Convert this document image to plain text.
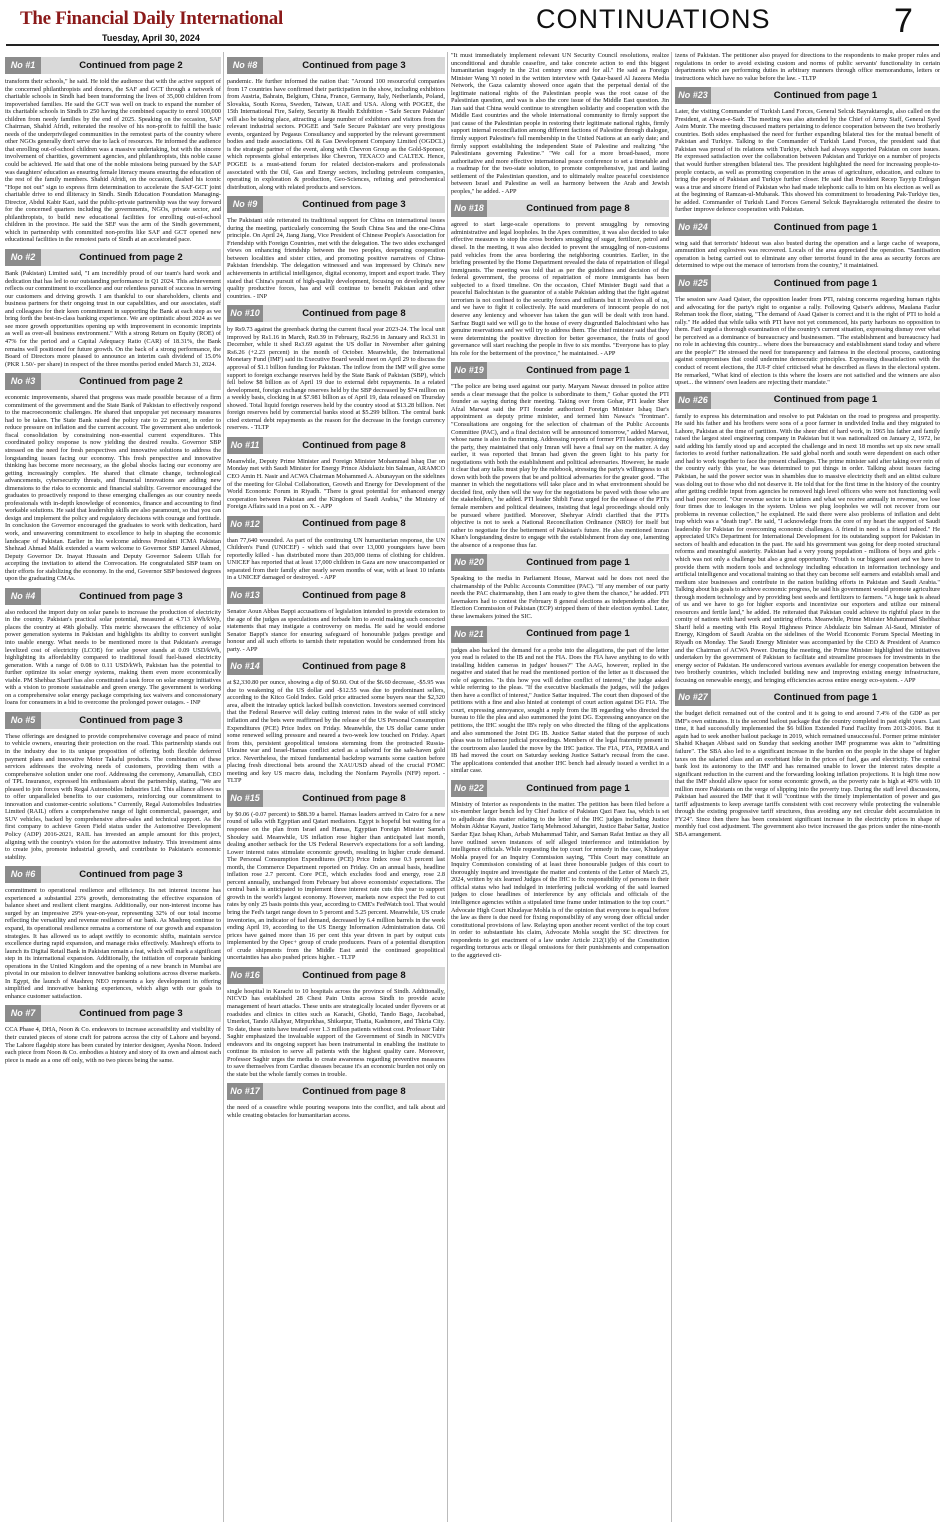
The Financial Daily International
Tuesday, April 30, 2024
CONTINUATIONS	7
No #1	Continued from page 2

transform their schools," he said. He told the audience that with the active support of the concerned philanthropists and donors, the SAF and GCT through a network of charitable schools in Sindh had been transforming the lives of 35,000 children from impoverished families. He said the GCT was well on track to expand the number of its charitable schools in Sindh to 250 having the combined capacity to enrol 100,000 children from needy families by the end of 2025. Speaking on the occasion, SAF Chairman, Shahid Afridi, reiterated the resolve of his non-profit to fulfill the basic needs of the underprivileged communities in the remotest parts of the country where other NGOs generally don't serve due to lack of resources. He informed the audience that enrolling out-of-school children was a massive undertaking, but with the sincere involvement of charities, government agencies, and philanthropists, this noble cause could be achieved. He said that one of the noble missions being pursued by the SAF was daughters' education as ensuring female literacy means ensuring the education of the rest of the family members. Shahid Afridi, on the occasion, flashed his iconic "Hope not out" sign to express firm determination to accelerate the SAF-GCT joint charitable drive to end illiteracy in Sindh. Sindh Education Foundation Managing-Director, Abdul Kabir Kazi, said the public-private partnership was the way forward for the concerned quarters including the governments, NGOs, private sector, and philanthropists, to build new educational facilities for enrolling out-of-school children in the province. He said the SEF was the arm of the Sindh government, which in partnership with committed non-profits like SAF and GCT opened new educational facilities in the remotest parts of Sindh at an accelerated pace.

No #2	Continued from page 2

Bank (Pakistan) Limited said, "I am incredibly proud of our team's hard work and dedication that has led to our outstanding performance in Q1 2024. This achievement reflects our commitment to excellence and our relentless pursuit of success in serving our customers and driving growth. I am thankful to our shareholders, clients and business partners for their ongoing trust in our capabilities, and our associates, staff and colleagues for their keen commitment in supporting the Bank at each step as we bring forth the best-in-class banking experience. We are optimistic about 2024 as we see more growth opportunities opening up with improvement in economic imprints as well as over-all business environment." With a strong Return on Equity (ROE) of 47% for the period and a Capital Adequacy Ratio (CAR) of 18.31%, the Bank remains well positioned for future growth. On the back of a strong performance, the Board of Directors more pleased to announce an interim cash dividend of 15.0% (PKR 1.50/- per share) in respect of the three months period ended March 31, 2024.

No #3	Continued from page 2

economic improvements, shared that progress was made possible because of a firm commitment of the government and the State Bank of Pakistan to effectively respond to the macroeconomic challenges. He shared that unpopular yet necessary measures had to be taken. The State Bank raised the policy rate to 22 percent, in order to reduce pressure on inflation and the current account. The government also undertook fiscal consolidation by constraining non-essential current expenditures. This coordinated policy response is now yielding the desired results. Governor SBP stressed on the need for fresh perspectives and innovative solutions to address the longstanding issues facing our economy. This fresh perspective and innovative thinking has become more necessary, as the global shocks facing our economy are getting increasingly complex. He shared that climate change, technological advancements, cybersecurity threats, and financial innovations are adding new dimensions to the risks to economic and financial stability. Governor encouraged the graduates to proactively respond to these emerging challenges as our country needs professionals with in-depth knowledge of economics, finance and accounting to find workable solutions. He said that leadership skills are also paramount, so that you can design and implement the policy and regulatory decisions with courage and fortitude. In conclusion the Governor encouraged the graduates to work with dedication, hard work, and unwavering commitment to excellence to help in shaping the economic landscape of Pakistan. Earlier in his welcome address President ICMA Pakistan Shehzad Ahmad Malik extended a warm welcome to Governor SBP Jameel Ahmed, Deputy Governor Dr. Inayat Hussain and Deputy Governor Saleem Ullah for accepting the invitation to attend the Convocation. He congratulated SBP team on their efforts for stabilizing the economy. In the end, Governor SBP bestowed degrees upon the graduating CMAs.

No #4	Continued from page 3

also reduced the import duty on solar panels to increase the production of electricity in the country. Pakistan's practical solar potential, measured at 4.713 kWh/kWp, places the country at 49th globally. This metric showcases the efficiency of solar power generation systems in Pakistan and highlights its ability to convert sunlight into usable energy. What needs to be mentioned more is that Pakistan's average levelized cost of electricity (LCOE) for solar power stands at 0.09 USD/kWh, highlighting its affordability compared to traditional fossil fuel-based electricity generation. With a range of 0.08 to 0.11 USD/kWh, Pakistan has the potential to further optimize its solar energy systems, making them even more economically viable. PM Shehbaz Sharif has also constituted a task force on solar energy initiatives with a vision to promote sustainable and green energy. The government is working on a comprehensive solar energy package comprising tax waivers and concessionary loans for consumers in a bid to overcome the prolonged power outages. - INP

No #5	Continued from page 3

These offerings are designed to provide comprehensive coverage and peace of mind to vehicle owners, ensuring their protection on the road. This partnership stands out in the industry due to its unique proposition of offering both flexible deferred payment plans and innovative Motor Takaful products. The combination of these services addresses the evolving needs of customers, providing them with a comprehensive solution under one roof. Addressing the ceremony, Amanullah, CEO of TPL Insurance, expressed his enthusiasm about the partnership, stating, "We are pleased to join forces with Regal Automobiles Industries Ltd. This alliance allows us to offer unparalleled benefits to our customers, reinforcing our commitment to innovation and customer-centric solutions." Currently, Regal Automobiles Industries Limited (RAIL) offers a comprehensive range of light commercial, passenger, and SUV vehicles, backed by comprehensive after-sales and technical support. As the first company to achieve Green Field status under the Automotive Development Policy (ADP) 2016-2021, RAIL has invested an ample amount for this project, aligning with the country's vision for the automotive industry. This investment aims to create jobs, promote industrial growth, and contribute to Pakistan's economic stability.

No #6	Continued from page 3

commitment to operational resilience and efficiency. Its net interest income has experienced a substantial 23% growth, demonstrating the effective expansion of balance sheet and resilient client margins. Additionally, our non-interest income has surged by an impressive 29% year-on-year, representing 32% of our total income reflecting the versatility and revenue resilience of our bank. As Mashreq continue to expand, its operational resilience remains a cornerstone of our growth and expansion strategies. It has allowed us to adapt swiftly to economic shifts, maintain service excellence during rapid expansion, and manage risks effectively. Mashreq's efforts to launch its Digital Retail Bank in Pakistan remain a feat, which will mark a significant step in its international expansion. Additionally, the initiation of corporate banking operations in the United Kingdom and the opening of a new branch in Mumbai are pivotal in our mission to deliver innovative banking solutions across diverse markets. In Egypt, the launch of Mashreq NEO represents a key development in offering simplified and innovative banking experiences, which align with our goals to enhance customer satisfaction.

No #7	Continued from page 3

CCA Phase 4, DHA, Noon & Co. endeavors to increase accessibility and visibility of their curated pieces of stone craft for patrons across the city of Lahore and beyond. The Lahore flagship store has been curated by interior designer, Ayesha Noon. Indeed each piece from Noon & Co. embodies a history and story of its own and almost each piece is made as a one off only, with no two pieces being the same.

No #8	Continued from page 3

pandemic. He further informed the nation that: "Around 100 resourceful companies from 17 countries have confirmed their participation in the show, including exhibitors from Austria, Bahrain, Belgium, China, France, Germany, Italy, Netherlands, Poland, Slovakia, South Korea, Sweden, Taiwan, UAE and USA. Along with POGEE, the 15th International Fire, Safety, Security & Health Exhibition - 'Safe Secure Pakistan' will also be taking place, attracting a large number of exhibitors and visitors from the relevant industrial sectors. POGEE and 'Safe Secure Pakistan' are very prestigious events, organized by Pegasus Consultancy and supported by the relevant government bodies and trade associations. Oil & Gas Development Company Limited (OGDCL) is the strategic partner of the event, along with Chevron Group as the Gold-Sponsor, which represents global enterprises like Chevron, TEXACO and CALTEX. Hence, POGEE is a must-attend forum for related decision-makers and professionals associated with the Oil, Gas and Energy sectors, including petroleum companies, operating in exploration & production, Geo-Sciences, refining and petrochemical distribution, along with related products and services.

No #9	Continued from page 3

The Pakistani side reiterated its traditional support for China on international issues during the meeting, particularly concerning the South China Sea and the one-China principle. On April 24, Jiang Jiang, Vice President of Chinese People's Association for Friendship with Foreign Countries, met with the delegation. The two sides exchanged views on enhancing friendship between the two peoples, deepening cooperation between localities and sister cities, and promoting positive narratives of China-Pakistan friendship. The delegation witnessed and was impressed by China's new achievements in artificial intelligence, digital economy, import and export trade. They stated that China's pursuit of high-quality development, focusing on developing new quality productive forces, has and will continue to benefit Pakistan and other countries. - INP

No #10	Continued from page 8

by Rs9.73 against the greenback during the current fiscal year 2023-24. The local unit improved by Rs1.16 in March, Rs0.39 in February, Rs2.56 in January and Rs3.31 in December, while it shed Rs3.69 against the US dollar in November after gaining Rs6.26 (+2.23 percent) in the month of October. Meanwhile, the International Monetary Fund (IMF) said its Executive Board would meet on April 29 to discuss the approval of $1.1 billion funding for Pakistan. The inflow from the IMF will give some support to foreign exchange reserves held by the State Bank of Pakistan (SBP), which fell below $8 billion as of April 19 due to external debt repayments. In a related development, foreign exchange reserves held by the SBP decreased by $74 million on a weekly basis, clocking in at $7.981 billion as of April 19, data released on Thursday showed. Total liquid foreign reserves held by the country stood at $13.28 billion. Net foreign reserves held by commercial banks stood at $5.299 billion. The central bank cited external debt repayments as the reason for the decrease in the foreign currency reserves. - TLTP

No #11	Continued from page 8

Meanwhile, Deputy Prime Minister and Foreign Minister Mohammad Ishaq Dar on Monday met with Saudi Minister for Energy Prince Abdulaziz bin Salman, ARAMCO CEO Amin H. Nasir and ACWA Chairman Mohammed A. Abunayyan on the sidelines of the meeting for Global Collaboration, Growth and Energy for Development of the World Economic Forum in Riyadh. "There is great potential for enhanced energy cooperation between Pakistan and the Kingdom of Saudi Arabia," the Ministry of Foreign Affairs said in a post on X. - APP

No #12	Continued from page 8

than 77,640 wounded. As part of the continuing UN humanitarian response, the UN Children's Fund (UNICEF) - which said that over 13,000 youngsters have been reportedly killed - has distributed more than 203,000 items of clothing for children. UNICEF has reported that at least 17,000 children in Gaza are now unaccompanied or separated from their family after nearly seven months of war, with at least 10 infants in a UNICEF damaged or destroyed. - APP

No #13	Continued from page 8

Senator Aoun Abbas Bappi accusations of legislation intended to provide extension to the age of the judges as speculations and forbade him to avoid making such concocted statements that may instigate a controversy on media. He said he would endorse Senator Bappi's stance for ensuring safeguard of honourable judges prestige and honour and all such efforts to tarnish their reputation would be condemned from his party. - APP

No #14	Continued from page 8

at $2,330.80 per ounce, showing a dip of $0.60. Out of the $6.60 decrease, -$5.95 was due to weakening of the US dollar and -$12.55 was due to predominant sellers, according to the Kitco Gold Index. Gold price attracted some buyers near the $2,320 area, albeit the intraday uptick lacked bullish conviction. Investors seemed convinced that the Federal Reserve will delay cutting interest rates in the wake of still sticky inflation and the bets were reaffirmed by the release of the US Personal Consumption Expenditures (PCE) Price Index on Friday. Meanwhile, the US dollar came under some renewed selling pressure and neared a two-week low touched on Friday. Apart from this, persistent geopolitical tensions stemming from the protracted Russia-Ukraine war and Israel-Hamas conflict acted as a tailwind for the safe-haven gold price. Nevertheless, the mixed fundamental backdrop warrants some caution before placing fresh directional bets around the XAU/USD ahead of the crucial FOMC meeting and key US macro data, including the Nonfarm Payrolls (NFP) report. - TLTP

No #15	Continued from page 8

by $0.06 (-0.07 percent) to $88.39 a barrel. Hamas leaders arrived in Cairo for a new round of talks with Egyptian and Qatari mediators. Egypt is hopeful but waiting for a response on the plan from Israel and Hamas, Egyptian Foreign Minister Sameh Shoukry said. Meanwhile, US inflation rose higher than anticipated last month, dealing another setback for the US Federal Reserve's expectations for a soft landing. Lower interest rates stimulate economic growth, resulting in higher crude demand. The Personal Consumption Expenditures (PCE) Price Index rose 0.3 percent last month, the Commerce Department reported on Friday. On an annual basis, headline inflation rose 2.7 percent. Core PCE, which excludes food and energy, rose 2.8 percent annually, unchanged from February but above economists' expectations. The central bank is anticipated to implement three interest rate cuts this year to support growth in the world's largest economy. However, markets now expect the Fed to cut rates by only 25 basis points this year, according to CME's FedWatch tool. That would bring the Fed's target range down to 5 percent and 5.25 percent. Meanwhile, US crude inventories, an indicator of fuel demand, decreased by 6.4 million barrels in the week ending April 19, according to the US Energy Information Administration data. Oil prices have gained more than 16 per cent this year driven in part by output cuts implemented by the Opec+ group of crude producers. Fears of a potential disruption of crude shipments from the Middle East amid the continued geopolitical uncertainties has also pushed prices higher. - TLTP

No #16	Continued from page 8

single hospital in Karachi to 10 hospitals across the province of Sindh. Additionally, NICVD has established 28 Chest Pain Units across Sindh to provide acute management of heart attacks. These units are strategically located under flyovers or at roadsides and clinics in cities such as Karachi, Ghotki, Tando Bago, Jacobabad, Umerkot, Tando Allahyar, Mirpurkhas, Shikarpur, Thatta, Kashmore, and Thkria City. To date, these units have treated over 1.3 million patients without cost. Professor Tahir Saghir emphasized the invaluable support of the Government of Sindh in NICVD's endeavors and its ongoing support has been instrumental in enabling the institute to continue its mission to serve all patients with the highest quality care. Moreover, Professor Saghir urges the media to create awareness regarding preventive measures to save themselves from Cardiac diseases because it's an economic burden not only on the state but the whole family comes in trouble.

No #17	Continued from page 8

the need of a ceasefire while pouring weapons into the conflict, and talk about aid while creating obstacles for humanitarian access.

"It must immediately implement relevant UN Security Council resolutions, realize unconditional and durable ceasefire, and take concrete action to end this biggest humanitarian tragedy in the 21st century once and for all." He said as Foreign Minister Wang Yi noted in the written interview with Qatar-based Al Jazeera Media Network, the Gaza calamity showed once again that the perpetual denial of the legitimate national rights of the Palestinian people was the root cause of the Palestinian question, and was is also the core issue of the Middle East question. Jin Jian said that China would continue to strengthen solidarity and cooperation with the Middle East countries and the whole international community to firmly support the just cause of the Palestinian people in restoring their legitimate national rights, firmly support internal reconciliation among different factions of Palestine through dialogue, firmly support Palestine's full membership in the United Nations at an early date; and firmly support establishing the independent State of Palestine and realizing "the Palestinians governing Palestine." "We call for a more broad-based, more authoritative and more effective international peace conference to set a timetable and a roadmap for the two-state solution, to promote comprehensive, just and lasting settlement of the Palestinian question, and to ultimately realize peaceful coexistence between Israel and Palestine as well as harmony between the Arab and Jewish peoples," he added. - APP

No #18	Continued from page 8

agreed to start large-scale operations to prevent smuggling by removing administrative and legal loopholes. In the Apex committee, it was also decided to take effective measures to stop the cross borders smuggling of sugar, fertilizer, petrol and diesel. In the meeting, it was also decided to prevent the smuggling of non-customs paid vehicles from the area bordering the neighboring countries. Earlier, in the briefing presented by the Home Department revealed the data of repatriation of illegal immigrants. The meeting was told that as per the guidelines and decision of the federal government, the process of repatriation of more immigrants has been subjected to a fixed timeline. On the occasion, Chief Minister Bugti said that a peaceful Balochistan is the guarantor of a stable Pakistan adding that the fight against terrorism is not confined to the security forces and militants but it involves all of us, and we have to fight it collectively. He said murderers of innocent people do not deserve any leniency and whoever has taken the gun will be dealt with iron hand. Sarfraz Bugti said we will go to the house of every disgruntled Balochistani who has genuine reservations and we will try to address them. The chief minister said that they were determining the positive direction for better governance, the fruits of good governance will start reaching the people in five to six months. "Everyone has to play his role for the betterment of the province," he maintained. - APP

No #19	Continued from page 1

"The police are being used against our party. Maryam Nawaz dressed in police attire sends a clear message that the police is subordinate to them," Gohar quoted the PTI founder as saying during their meeting. Taking over from Gohar, PTI leader Sher Afzal Marwat said the PTI founder authorized Foreign Minister Ishaq Dar's appointment as deputy prime minister, and termed him Nawaz's "frontman". "Consultations are ongoing for the selection of chairman of the Public Accounts Committee (PAC), and a final decision will be announced tomorrow," added Marwat, whose name is also in the running. Addressing reports of former PTI leaders rejoining the party, they maintained that only Imran will have a final say on the matter. A day earlier, it was reported that Imran had given the green light to his party for negotiations with both the establishment and political adversaries. However, he made it clear that any talks must play by the rulebook, stressing the party's willingness to sit down with both the powers that be and political adversaries for the greater good. "The manner in which the negotiations will take place and in what environment should be decided first, only then will the way for the negotiations be paved with those who are the stakeholders," he added. PTI leader Shibli Faraz urged for the release of the PTI's female members and political detainees, insisting that legal proceedings should only be pursued where justified. Moreover, Shehryar Afridi clarified that the PTI's objective is not to seek a National Reconciliation Ordinance (NRO) for itself but rather to negotiate for the betterment of Pakistan's future. He also mentioned Imran Khan's longstanding desire to engage with the establishment from day one, lamenting the absence of a response thus far.

No #20	Continued from page 1

Speaking to the media in Parliament House, Marwat said he does not need the chairmanship of the Public Accounts Committee (PAC). "If any member of our party needs the PAC chairmanship, then I am ready to give them the chance," he added. PTI lawmakers had to contest the February 8 general elections as independents after the Election Commission of Pakistan (ECP) stripped them of their election symbol. Later, these lawmakers joined the SIC.

No #21	Continued from page 1

judges also backed the demand for a probe into the allegations, the part of the letter you read is related to the IB and not the FIA. Does the FIA have anything to do with installing hidden cameras in judges' houses?" The AAG, however, replied in the negative and stated that he read the mentioned portion of the letter as it discussed the role of agencies. "Is this how you will define conflict of interest," the judge asked while referring to the pleas. "If the executive blackmails the judges, will the judges then have a conflict of interest," Justice Sattar inquired. The court then disposed of the petitions with a fine and also hinted at contempt of court action against DG FIA. The court, expressing annoyance, sought a reply from the IB regarding who directed the bureau to file the plea and also summoned the joint DG. Expressing annoyance on the petitions, the IHC sought the IB's reply on who directed the filing of the applications and also summoned the Joint DG IB. Justice Sattar stated that the purpose of such pleas was to influence judicial proceedings. Members of the legal fraternity present in the courtroom also lauded the move by the IHC justice. The FIA, PTA, PEMRA and IB had moved the court on Saturday seeking Justice Sattar's recusal from the case. The applications contended that another IHC bench had already issued a verdict in a similar case.

No #22	Continued from page 1

Ministry of Interior as respondents in the matter. The petition has been filed before a six-member larger bench led by Chief Justice of Pakistan Qazi Faez Isa, which is set to adjudicate this matter relating to the letter of the IHC judges including Justice Mohsin Akhtar Kayani, Justice Tariq Mehmood Jahangiri, Justice Babar Sattar, Justice Sardar Ejaz Ishaq Khan, Arbab Muhammad Tahir, and Saman Rafat Imtiaz as they all have outlined seven instances of self alleged interference and intimidation by intelligence officials. While requesting the top court for remedy in the case, Khudayar Mohla prayed for an Inquiry Commission saying, "This Court may constitute an Inquiry Commission consisting of at least three honourable judges of this court to thoroughly inquire and investigate the matter and contents of the Letter of March 25, 2024, written by six learned Judges of the IHC to fix responsibility of persons in their official status who had indulged in interfering judicial working of the said learned judges to close headlines of interference by any officials and officials of the intelligence agencies within a stipulated time frame under intimation to the top court." Advocate High Court Khudayar Mohla is of the opinion that everyone is equal before the law as there is due need for fixing responsibility of any wrong doer official under constitutional provisions of law. Relaying upon another recent verdict of the top court in order to substantiate his claim, Advocate Mohla sought the SC directives for respondents to get enactment of a law under Article 212(1)(b) of the Constitution regarding torturous acts or illegal omissions for their punishments and compensation to the aggrieved cit-

izens of Pakistan. The petitioner also prayed for directions to the respondents to make proper rules and regulations in order to avoid existing custom and norms of public servants' functionality in certain departments who are performing duties in arbitrary manners through office memorandums, letters or instructions which have no value before the law. - TLTP

No #23	Continued from page 1

Later, the visiting Commander of Turkish Land Forces, General Selcuk Bayraktaroglu, also called on the President, at Aiwan-e-Sadr. The meeting was also attended by the Chief of Army Staff, General Syed Asim Munir. The meeting discussed matters pertaining to defence cooperation between the two brotherly countries. Both sides emphasised the need for further expanding bilateral ties for the mutual benefit of Pakistan and Turkiye. Talking to the Commander of Turkish Land Forces, the president said that Pakistan was proud of its relations with Turkiye, which had always supported Pakistan on core issues. He expressed satisfaction over the collaboration between Pakistan and Turkiye on a number of projects that would further strengthen bilateral ties. The president highlighted the need for increasing people-to-people contacts, as well as promoting cooperation in the areas of agriculture, education, and culture to bring the people of Pakistan and Turkiye further closer. He said that President Recep Tayyip Erdogan was a true and sincere friend of Pakistan who had made telephonic calls to him on his election as well as at the beginning of Ramzan-ul-Mubarak. This showed his commitment to broadening Pak-Turkiye ties, he added. Commander of Turkish Land Forces General Selcuk Bayraktaroglu reiterated the desire to further improve defence cooperation with Pakistan.

No #24	Continued from page 1

wing said that terrorists' hideout was also busted during the operation and a large cache of weapons, ammunition and explosives was recovered. Locals of the area appreciated the operation. "Sanitisation operation is being carried out to eliminate any other terrorist found in the area as security forces are determined to wipe out the menace of terrorism from the country," it maintained.

No #25	Continued from page 1

The session saw Asad Qaiser, the opposition leader from PTI, raising concerns regarding human rights and advocating for the party's right to organise a rally. Following Qaiser's address, Maulana Fazlur Rehman took the floor, stating, "The demand of Asad Qaiser is correct and it is the right of PTI to hold a rally." He added that while talks with PTI have not yet commenced, his party harbours no opposition to them. Fazl urged a thorough examination of the country's current situation, expressing dismay over what he perceived as a dominance of bureaucracy and businessmen. "The establishment and bureaucracy had no role in achieving this country... where does the bureaucracy and establishment stand today and where are the people?" He stressed the need for transparency and fairness in the electoral process, cautioning against compromises that could undermine democratic principles. Expressing dissatisfaction with the conduct of recent elections, the JUI-F chief criticised what he described as flaws in the electoral system. He remarked, "What kind of election is this where the losers are not satisfied and the winners are also upset... the winners' own leaders are rejecting their mandate."

No #26	Continued from page 1

family to express his determination and resolve to put Pakistan on the road to progress and prosperity. He said his father and his brothers were sons of a poor farmer in undivided India and they migrated to Lahore, Pakistan at the time of partition. With the sheer dint of hard work, in 1965 his father and family raised the largest steel engineering company in Pakistan but it was nationalized on January 2, 1972, he said adding his family stood up and accepted the challenge and in next 18 months set up six new small factories to avoid further nationalization. He said global north and south were dependent on each other and had to work together to face the present challenges. The prime minister said after taking over rein of the country early this year, he was determined to put things in order. Talking about issues facing Pakistan, he said the power sector was in shambles due to massive electricity theft and an elitist culture was doling out to those who did not deserve it. He told that for the first time in the history of the country after getting credible input from agencies he removed high level officers who were not functioning well and had poor record. "Our revenue sector is in tatters and what we receive annually in revenue, we lose four times due to leakages in the system. Unless we plug loopholes we will not recover from our problems in revenue collection," he explained. He said there were also problems of inflation and debt trap which was a "death trap". He said, "I acknowledge from the core of my heart the support of Saudi leadership for Pakistan for overcoming economic challenges. A friend in need is a friend indeed." He appreciated UK's Department for International Development for its outstanding support for Pakistan in sectors of health and education in the past. He said his government was going for deep rooted structural reforms and meaningful austerity. Pakistan had a very young population - millions of boys and girls - which was not only a challenge but also a great opportunity. "Youth is our biggest asset and we have to provide them with modern tools and technology including education in information technology and artificial intelligence and vocational training so that they can become self earners and establish small and medium size businesses and contribute in the nation building efforts in Pakistan and Saudi Arabia." Talking about his goals to achieve economic progress, he said his government would promote agriculture through modern technology and by providing best seeds and fertilizers to farmers. "A huge task is ahead of us and we have to go for higher exports and incentivize our exporters and utilize our mineral resources and fertile land," he added. He reiterated that Pakistan could achieve its rightful place in the comity of nations with hard work and untiring efforts. Meanwhile, Prime Minister Muhammad Shehbaz Sharif held a meeting with His Royal Highness Prince Abdulaziz bin Salman Al-Saud, Minister of Energy, Kingdom of Saudi Arabia on the sidelines of the World Economic Forum Special Meeting in Riyadh on Monday. The Saudi Energy Minister was accompanied by the CEO & President of Aramco and the Chairman of ACWA Power. During the meeting, the Prime Minister highlighted the initiatives undertaken by the government of Pakistan to facilitate and streamline processes for investments in the energy sector of Pakistan. He underscored various avenues available for energy cooperation between the two brotherly countries, which included building new and improving existing energy infrastructure, focusing on renewable energy, and bringing efficiencies across entire energy eco-system. - APP

No #27	Continued from page 1

the budget deficit remained out of the control and it is going to end around 7.4% of the GDP as per IMF's own estimates. It is the second bailout package that the country completed in past eight years. Last time, it had successfully implemented the $6 billion Extended Fund Facility from 2013-2016. But it again had to seek another bailout package in 2019, which remained unsuccessful. Former prime minister Shahid Khaqan Abbasi said on Sunday that seeking another IMF programme was akin to "admitting failure". The SBA also led to a significant increase in the burden on the people in the shape of higher taxes on the salaried class and an exorbitant hike in the prices of fuel, gas and electricity. The central bank lost its autonomy to the IMF and has remained unable to lower the interest rates despite a significant reduction in the current and the forwarding looking inflation projections. It is high time now that the IMF should allow space for some economic growth, as the poverty rate is high at 40% with 10 million more Pakistanis on the verge of slipping into the poverty trap. During the staff level discussions, Pakistan had assured the IMF that it will "continue with the timely implementation of power and gas tariff adjustments to keep average tariffs consistent with cost recovery while protecting the vulnerable through the existing progressive tariff structures, thus avoiding any net circular debt accumulation in FY24". Since then there has been consistent significant increase in the electricity prices in shape of monthly fuel cost adjustment. The government also twice increased the gas prices under the nine-month SBA arrangement.
